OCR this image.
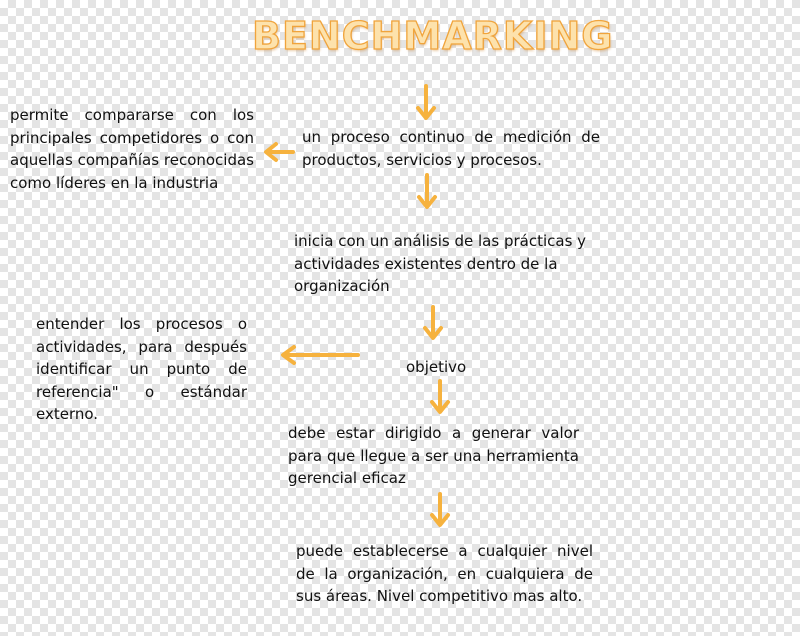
BENCHMARKING
permite compararse con los principales competidores o con aquellas compañías reconocidas como líderes en la industria
un proceso continuo de medición de productos, servicios y procesos.
inicia con un análisis de las prácticas y actividades existentes dentro de la organización
entender los procesos o actividades, para después identificar un punto de referencia" o estándar externo.
objetivo
debe estar dirigido a generar valor para que llegue a ser una herramienta gerencial eficaz
puede establecerse a cualquier nivel de la organización, en cualquiera de sus áreas. Nivel competitivo mas alto.
